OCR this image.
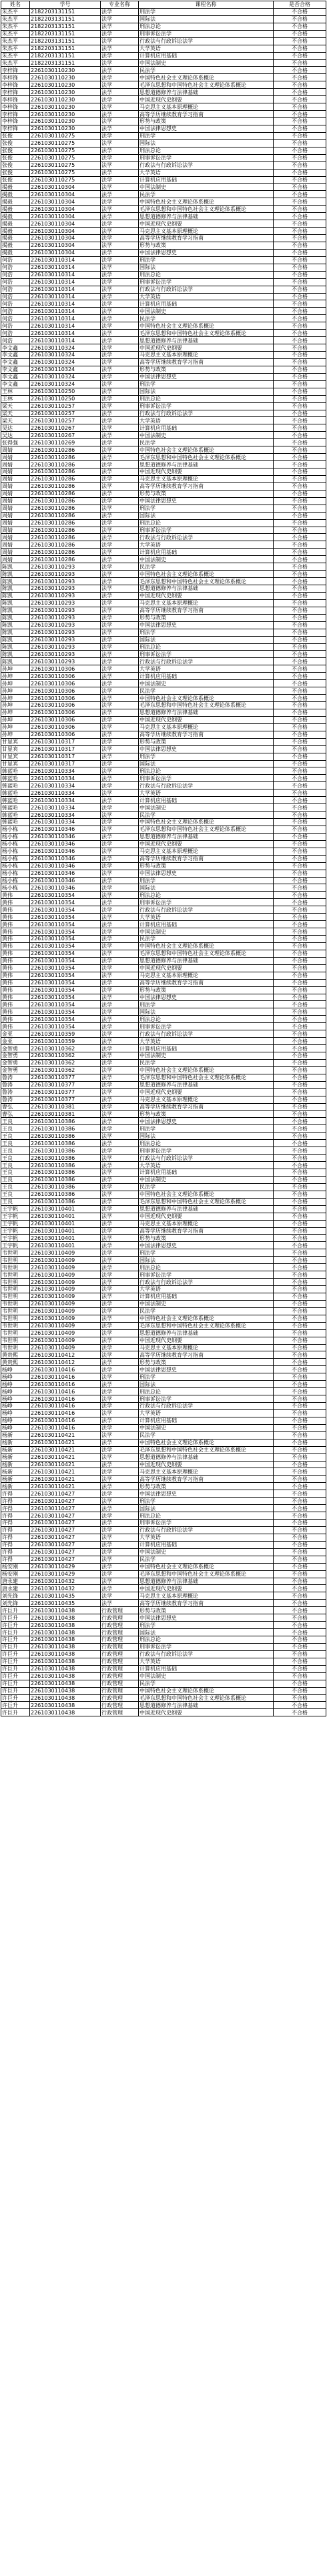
姓名	学号	专业名称	课程名称	是否合格
朱杰平	2182203131151	法学	刑法学	不合格
朱杰平	2182203131151	法学	国际法	不合格
朱杰平	2182203131151	法学	刑法总论	不合格
朱杰平	2182203131151	法学	刑事诉讼法学	不合格
朱杰平	2182203131151	法学	行政法与行政诉讼法学	不合格
朱杰平	2182203131151	法学	大学英语	不合格
朱杰平	2182203131151	法学	计算机应用基础	不合格
朱杰平	2182203131151	法学	中国法制史	不合格
李梓锋	2261030110230	法学	民法学	不合格
李梓锋	2261030110230	法学	中国特色社会主义理论体系概论	不合格
李梓锋	2261030110230	法学	毛泽东思想和中国特色社会主义理论体系概论	不合格
李梓锋	2261030110230	法学	思想道德修养与法律基础	不合格
李梓锋	2261030110230	法学	中国近现代史纲要	不合格
李梓锋	2261030110230	法学	马克思主义基本原理概论	不合格
李梓锋	2261030110230	法学	高等学历继续教育学习指南	不合格
李梓锋	2261030110230	法学	形势与政策	不合格
李梓锋	2261030110230	法学	中国法律思想史	不合格
张俊	2261030110275	法学	刑法学	不合格
张俊	2261030110275	法学	国际法	不合格
张俊	2261030110275	法学	刑法总论	不合格
张俊	2261030110275	法学	刑事诉讼法学	不合格
张俊	2261030110275	法学	行政法与行政诉讼法学	不合格
张俊	2261030110275	法学	大学英语	不合格
张俊	2261030110275	法学	计算机应用基础	不合格
揭毅	2261030110304	法学	中国法制史	不合格
揭毅	2261030110304	法学	民法学	不合格
揭毅	2261030110304	法学	中国特色社会主义理论体系概论	不合格
揭毅	2261030110304	法学	毛泽东思想和中国特色社会主义理论体系概论	不合格
揭毅	2261030110304	法学	思想道德修养与法律基础	不合格
揭毅	2261030110304	法学	中国近现代史纲要	不合格
揭毅	2261030110304	法学	马克思主义基本原理概论	不合格
揭毅	2261030110304	法学	高等学历继续教育学习指南	不合格
揭毅	2261030110304	法学	形势与政策	不合格
揭毅	2261030110304	法学	中国法律思想史	不合格
何浩	2261030110314	法学	刑法学	不合格
何浩	2261030110314	法学	国际法	不合格
何浩	2261030110314	法学	刑法总论	不合格
何浩	2261030110314	法学	刑事诉讼法学	不合格
何浩	2261030110314	法学	行政法与行政诉讼法学	不合格
何浩	2261030110314	法学	大学英语	不合格
何浩	2261030110314	法学	计算机应用基础	不合格
何浩	2261030110314	法学	中国法制史	不合格
何浩	2261030110314	法学	民法学	不合格
何浩	2261030110314	法学	中国特色社会主义理论体系概论	不合格
何浩	2261030110314	法学	毛泽东思想和中国特色社会主义理论体系概论	不合格
何浩	2261030110314	法学	思想道德修养与法律基础	不合格
李文鑫	2261030110324	法学	中国近现代史纲要	不合格
李文鑫	2261030110324	法学	马克思主义基本原理概论	不合格
李文鑫	2261030110324	法学	高等学历继续教育学习指南	不合格
李文鑫	2261030110324	法学	形势与政策	不合格
李文鑫	2261030110324	法学	中国法律思想史	不合格
李文鑫	2261030110324	法学	刑法学	不合格
王林	2261030110250	法学	国际法	不合格
王林	2261030110250	法学	刑法总论	不合格
梁天	2261030110257	法学	刑事诉讼法学	不合格
梁天	2261030110257	法学	行政法与行政诉讼法学	不合格
梁天	2261030110257	法学	大学英语	不合格
吴达	2261030110267	法学	计算机应用基础	不合格
吴达	2261030110267	法学	中国法制史	不合格
张得强	2261030110269	法学	民法学	不合格
周婧	2261030110286	法学	中国特色社会主义理论体系概论	不合格
周婧	2261030110286	法学	毛泽东思想和中国特色社会主义理论体系概论	不合格
周婧	2261030110286	法学	思想道德修养与法律基础	不合格
周婧	2261030110286	法学	中国近现代史纲要	不合格
周婧	2261030110286	法学	马克思主义基本原理概论	不合格
周婧	2261030110286	法学	高等学历继续教育学习指南	不合格
周婧	2261030110286	法学	形势与政策	不合格
周婧	2261030110286	法学	中国法律思想史	不合格
周婧	2261030110286	法学	刑法学	不合格
周婧	2261030110286	法学	国际法	不合格
周婧	2261030110286	法学	刑法总论	不合格
周婧	2261030110286	法学	刑事诉讼法学	不合格
周婧	2261030110286	法学	行政法与行政诉讼法学	不合格
周婧	2261030110286	法学	大学英语	不合格
周婧	2261030110286	法学	计算机应用基础	不合格
周婧	2261030110286	法学	中国法制史	不合格
陈凯	2261030110293	法学	民法学	不合格
陈凯	2261030110293	法学	中国特色社会主义理论体系概论	不合格
陈凯	2261030110293	法学	毛泽东思想和中国特色社会主义理论体系概论	不合格
陈凯	2261030110293	法学	思想道德修养与法律基础	不合格
陈凯	2261030110293	法学	中国近现代史纲要	不合格
陈凯	2261030110293	法学	马克思主义基本原理概论	不合格
陈凯	2261030110293	法学	高等学历继续教育学习指南	不合格
陈凯	2261030110293	法学	形势与政策	不合格
陈凯	2261030110293	法学	中国法律思想史	不合格
陈凯	2261030110293	法学	刑法学	不合格
陈凯	2261030110293	法学	国际法	不合格
陈凯	2261030110293	法学	刑法总论	不合格
陈凯	2261030110293	法学	刑事诉讼法学	不合格
陈凯	2261030110293	法学	行政法与行政诉讼法学	不合格
孙坤	2261030110306	法学	大学英语	不合格
孙坤	2261030110306	法学	计算机应用基础	不合格
孙坤	2261030110306	法学	中国法制史	不合格
孙坤	2261030110306	法学	民法学	不合格
孙坤	2261030110306	法学	中国特色社会主义理论体系概论	不合格
孙坤	2261030110306	法学	毛泽东思想和中国特色社会主义理论体系概论	不合格
孙坤	2261030110306	法学	思想道德修养与法律基础	不合格
孙坤	2261030110306	法学	中国近现代史纲要	不合格
孙坤	2261030110306	法学	马克思主义基本原理概论	不合格
孙坤	2261030110306	法学	高等学历继续教育学习指南	不合格
甘显宾	2261030110317	法学	形势与政策	不合格
甘显宾	2261030110317	法学	中国法律思想史	不合格
甘显宾	2261030110317	法学	刑法学	不合格
甘显宾	2261030110317	法学	国际法	不合格
韩蓝哈	2261030110334	法学	刑法总论	不合格
韩蓝哈	2261030110334	法学	刑事诉讼法学	不合格
韩蓝哈	2261030110334	法学	行政法与行政诉讼法学	不合格
韩蓝哈	2261030110334	法学	大学英语	不合格
韩蓝哈	2261030110334	法学	计算机应用基础	不合格
韩蓝哈	2261030110334	法学	中国法制史	不合格
韩蓝哈	2261030110334	法学	民法学	不合格
韩蓝哈	2261030110334	法学	中国特色社会主义理论体系概论	不合格
杨小栋	2261030110346	法学	毛泽东思想和中国特色社会主义理论体系概论	不合格
杨小栋	2261030110346	法学	思想道德修养与法律基础	不合格
杨小栋	2261030110346	法学	中国近现代史纲要	不合格
杨小栋	2261030110346	法学	马克思主义基本原理概论	不合格
杨小栋	2261030110346	法学	高等学历继续教育学习指南	不合格
杨小栋	2261030110346	法学	形势与政策	不合格
杨小栋	2261030110346	法学	中国法律思想史	不合格
杨小栋	2261030110346	法学	刑法学	不合格
杨小栋	2261030110346	法学	国际法	不合格
黄伟	2261030110354	法学	刑法总论	不合格
黄伟	2261030110354	法学	刑事诉讼法学	不合格
黄伟	2261030110354	法学	行政法与行政诉讼法学	不合格
黄伟	2261030110354	法学	大学英语	不合格
黄伟	2261030110354	法学	计算机应用基础	不合格
黄伟	2261030110354	法学	中国法制史	不合格
黄伟	2261030110354	法学	民法学	不合格
黄伟	2261030110354	法学	中国特色社会主义理论体系概论	不合格
黄伟	2261030110354	法学	毛泽东思想和中国特色社会主义理论体系概论	不合格
黄伟	2261030110354	法学	思想道德修养与法律基础	不合格
黄伟	2261030110354	法学	中国近现代史纲要	不合格
黄伟	2261030110354	法学	马克思主义基本原理概论	不合格
黄伟	2261030110354	法学	高等学历继续教育学习指南	不合格
黄伟	2261030110354	法学	形势与政策	不合格
黄伟	2261030110354	法学	中国法律思想史	不合格
黄伟	2261030110354	法学	刑法学	不合格
黄伟	2261030110354	法学	国际法	不合格
黄伟	2261030110354	法学	刑法总论	不合格
黄伟	2261030110354	法学	刑事诉讼法学	不合格
金亚	2261030110359	法学	行政法与行政诉讼法学	不合格
金亚	2261030110359	法学	大学英语	不合格
金智勇	2261030110362	法学	计算机应用基础	不合格
金智勇	2261030110362	法学	中国法制史	不合格
金智勇	2261030110362	法学	民法学	不合格
金智勇	2261030110362	法学	中国特色社会主义理论体系概论	不合格
鲁涛	2261030110377	法学	毛泽东思想和中国特色社会主义理论体系概论	不合格
鲁涛	2261030110377	法学	思想道德修养与法律基础	不合格
鲁涛	2261030110377	法学	中国近现代史纲要	不合格
鲁涛	2261030110377	法学	马克思主义基本原理概论	不合格
曹弘	2261030110381	法学	高等学历继续教育学习指南	不合格
曹弘	2261030110381	法学	形势与政策	不合格
王良	2261030110386	法学	中国法律思想史	不合格
王良	2261030110386	法学	刑法学	不合格
王良	2261030110386	法学	国际法	不合格
王良	2261030110386	法学	刑法总论	不合格
王良	2261030110386	法学	刑事诉讼法学	不合格
王良	2261030110386	法学	行政法与行政诉讼法学	不合格
王良	2261030110386	法学	大学英语	不合格
王良	2261030110386	法学	计算机应用基础	不合格
王良	2261030110386	法学	中国法制史	不合格
王良	2261030110386	法学	民法学	不合格
王良	2261030110386	法学	中国特色社会主义理论体系概论	不合格
王良	2261030110386	法学	毛泽东思想和中国特色社会主义理论体系概论	不合格
王宇帆	2261030110401	法学	思想道德修养与法律基础	不合格
王宇帆	2261030110401	法学	中国近现代史纲要	不合格
王宇帆	2261030110401	法学	马克思主义基本原理概论	不合格
王宇帆	2261030110401	法学	高等学历继续教育学习指南	不合格
王宇帆	2261030110401	法学	形势与政策	不合格
王宇帆	2261030110401	法学	中国法律思想史	不合格
韦世明	2261030110409	法学	刑法学	不合格
韦世明	2261030110409	法学	国际法	不合格
韦世明	2261030110409	法学	刑法总论	不合格
韦世明	2261030110409	法学	刑事诉讼法学	不合格
韦世明	2261030110409	法学	行政法与行政诉讼法学	不合格
韦世明	2261030110409	法学	大学英语	不合格
韦世明	2261030110409	法学	计算机应用基础	不合格
韦世明	2261030110409	法学	中国法制史	不合格
韦世明	2261030110409	法学	民法学	不合格
韦世明	2261030110409	法学	中国特色社会主义理论体系概论	不合格
韦世明	2261030110409	法学	毛泽东思想和中国特色社会主义理论体系概论	不合格
韦世明	2261030110409	法学	思想道德修养与法律基础	不合格
韦世明	2261030110409	法学	中国近现代史纲要	不合格
韦世明	2261030110409	法学	马克思主义基本原理概论	不合格
黄贵熙	2261030110412	法学	高等学历继续教育学习指南	不合格
黄贵熙	2261030110412	法学	形势与政策	不合格
杨峥	2261030110416	法学	中国法律思想史	不合格
杨峥	2261030110416	法学	刑法学	不合格
杨峥	2261030110416	法学	国际法	不合格
杨峥	2261030110416	法学	刑法总论	不合格
杨峥	2261030110416	法学	刑事诉讼法学	不合格
杨峥	2261030110416	法学	行政法与行政诉讼法学	不合格
杨峥	2261030110416	法学	大学英语	不合格
杨峥	2261030110416	法学	计算机应用基础	不合格
杨峥	2261030110416	法学	中国法制史	不合格
杨新	2261030110421	法学	民法学	不合格
杨新	2261030110421	法学	中国特色社会主义理论体系概论	不合格
杨新	2261030110421	法学	毛泽东思想和中国特色社会主义理论体系概论	不合格
杨新	2261030110421	法学	思想道德修养与法律基础	不合格
杨新	2261030110421	法学	中国近现代史纲要	不合格
杨新	2261030110421	法学	马克思主义基本原理概论	不合格
杨新	2261030110421	法学	高等学历继续教育学习指南	不合格
杨新	2261030110421	法学	形势与政策	不合格
许得	2261030110427	法学	中国法律思想史	不合格
许得	2261030110427	法学	刑法学	不合格
许得	2261030110427	法学	国际法	不合格
许得	2261030110427	法学	刑法总论	不合格
许得	2261030110427	法学	刑事诉讼法学	不合格
许得	2261030110427	法学	行政法与行政诉讼法学	不合格
许得	2261030110427	法学	大学英语	不合格
许得	2261030110427	法学	计算机应用基础	不合格
许得	2261030110427	法学	中国法制史	不合格
许得	2261030110427	法学	民法学	不合格
杨安刚	2261030110429	法学	中国特色社会主义理论体系概论	不合格
杨安刚	2261030110429	法学	毛泽东思想和中国特色社会主义理论体系概论	不合格
唐永建	2261030110432	法学	思想道德修养与法律基础	不合格
唐永建	2261030110432	法学	中国近现代史纲要	不合格
刘先锋	2261030110435	法学	马克思主义基本原理概论	不合格
刘先锋	2261030110435	法学	高等学历继续教育学习指南	不合格
许巨升	2261030110438	行政管理	形势与政策	不合格
许巨升	2261030110438	行政管理	中国法律思想史	不合格
许巨升	2261030110438	行政管理	刑法学	不合格
许巨升	2261030110438	行政管理	国际法	不合格
许巨升	2261030110438	行政管理	刑法总论	不合格
许巨升	2261030110438	行政管理	刑事诉讼法学	不合格
许巨升	2261030110438	行政管理	行政法与行政诉讼法学	不合格
许巨升	2261030110438	行政管理	大学英语	不合格
许巨升	2261030110438	行政管理	计算机应用基础	不合格
许巨升	2261030110438	行政管理	中国法制史	不合格
许巨升	2261030110438	行政管理	民法学	不合格
许巨升	2261030110438	行政管理	中国特色社会主义理论体系概论	不合格
许巨升	2261030110438	行政管理	毛泽东思想和中国特色社会主义理论体系概论	不合格
许巨升	2261030110438	行政管理	思想道德修养与法律基础	不合格
许巨升	2261030110438	行政管理	中国近现代史纲要	不合格
